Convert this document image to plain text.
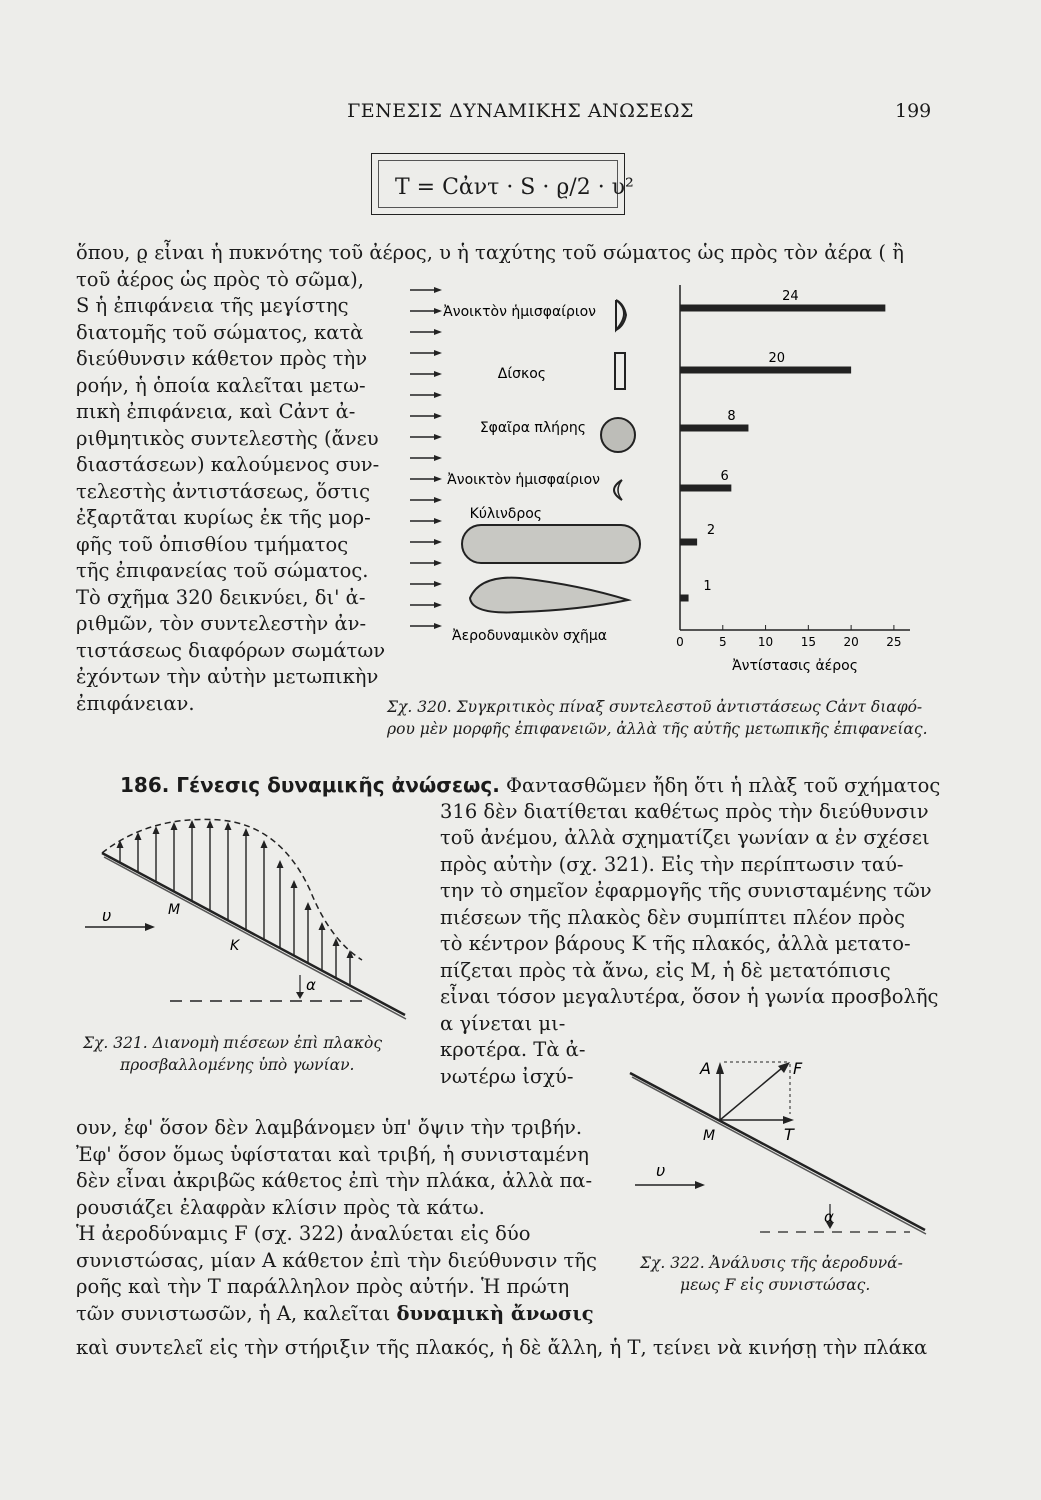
ΓΕΝΕΣΙΣ ΔΥΝΑΜΙΚΗΣ ΑΝΩΣΕΩΣ	199
T = Cἀντ · S · ϱ/2 · υ²
ὅπου, ϱ εἶναι ἡ πυκνότης τοῦ ἀέρος, υ ἡ ταχύτης τοῦ σώματος ὡς πρὸς τὸν ἀέρα ( ἢ
τοῦ ἀέρος ὡς πρὸς τὸ σῶμα),
S ἡ ἐπιφάνεια τῆς μεγίστης
διατομῆς τοῦ σώματος, κατὰ
διεύθυνσιν κάθετον πρὸς τὴν
ροήν, ἡ ὁποία καλεῖται μετω-
πικὴ ἐπιφάνεια, καὶ Cἀντ ἀ-
ριθμητικὸς συντελεστὴς (ἄνευ
διαστάσεων) καλούμενος συν-
τελεστὴς ἀντιστάσεως, ὅστις
ἐξαρτᾶται κυρίως ἐκ τῆς μορ-
φῆς τοῦ ὀπισθίου τμήματος
τῆς ἐπιφανείας τοῦ σώματος.
Τὸ σχῆμα 320 δεικνύει, δι' ἀ-
ριθμῶν, τὸν συντελεστὴν ἀν-
τιστάσεως διαφόρων σωμάτων
ἐχόντων τὴν αὐτὴν μετωπικὴν
ἐπιφάνειαν.
Ἀνοικτὸν ἡμισφαίριον
Δίσκος
Σφαῖρα πλήρης
Ἀνοικτὸν ἡμισφαίριον
Κύλινδρος
Ἀεροδυναμικὸν σχῆμα
24
20
8
6
2
1
0	5	10 15 20 25
Ἀντίστασις ἀέρος
Σχ. 320. Συγκριτικὸς πίναξ συντελεστοῦ ἀντιστάσεως Cἀντ διαφό-
ρου μὲν μορφῆς ἐπιφανειῶν, ἀλλὰ τῆς αὐτῆς μετωπικῆς ἐπιφανείας.
186. Γένεσις δυναμικῆς ἀνώσεως. Φαντασθῶμεν ἤδη ὅτι ἡ πλὰξ τοῦ σχήματος
316 δὲν διατίθεται καθέτως πρὸς τὴν διεύθυνσιν
τοῦ ἀνέμου, ἀλλὰ σχηματίζει γωνίαν α ἐν σχέσει
πρὸς αὐτὴν (σχ. 321). Εἰς τὴν περίπτωσιν ταύ-
την τὸ σημεῖον ἐφαρμογῆς τῆς συνισταμένης τῶν
πιέσεων τῆς πλακὸς δὲν συμπίπτει πλέον πρὸς
τὸ κέντρον βάρους Κ τῆς πλακός, ἀλλὰ μετατο-
πίζεται πρὸς τὰ ἄνω, εἰς Μ, ἡ δὲ μετατόπισις
εἶναι τόσον μεγαλυτέρα, ὅσον ἡ γωνία προσβολῆς
α γίνεται μι-
κροτέρα. Τὰ ἀ-
νωτέρω ἰσχύ-
ουν, ἐφ' ὅσον δὲν λαμβάνομεν ὑπ' ὄψιν τὴν τριβήν.
Ἐφ' ὅσον ὅμως ὑφίσταται καὶ τριβή, ἡ συνισταμένη
δὲν εἶναι ἀκριβῶς κάθετος ἐπὶ τὴν πλάκα, ἀλλὰ πα-
ρουσιάζει ἐλαφρὰν κλίσιν πρὸς τὰ κάτω.
Ἡ ἀεροδύναμις F (σχ. 322) ἀναλύεται εἰς δύο
συνιστώσας, μίαν Α κάθετον ἐπὶ τὴν διεύθυνσιν τῆς
ροῆς καὶ τὴν Τ παράλληλον πρὸς αὐτήν. Ἡ πρώτη
τῶν συνιστωσῶν, ἡ Α, καλεῖται δυναμικὴ ἄνωσις
καὶ συντελεῖ εἰς τὴν στήριξιν τῆς πλακός, ἡ δὲ ἄλλη, ἡ Τ, τείνει νὰ κινήσῃ τὴν πλάκα
υ	Μ
Κ
α
Σχ. 321. Διανομὴ πιέσεων ἐπὶ πλακὸς
προσβαλλομένης ὑπὸ γωνίαν.	Α	F
Μ	Τ
υ
α
Σχ. 322. Ἀνάλυσις τῆς ἀεροδυνά-
μεως F εἰς συνιστώσας.
